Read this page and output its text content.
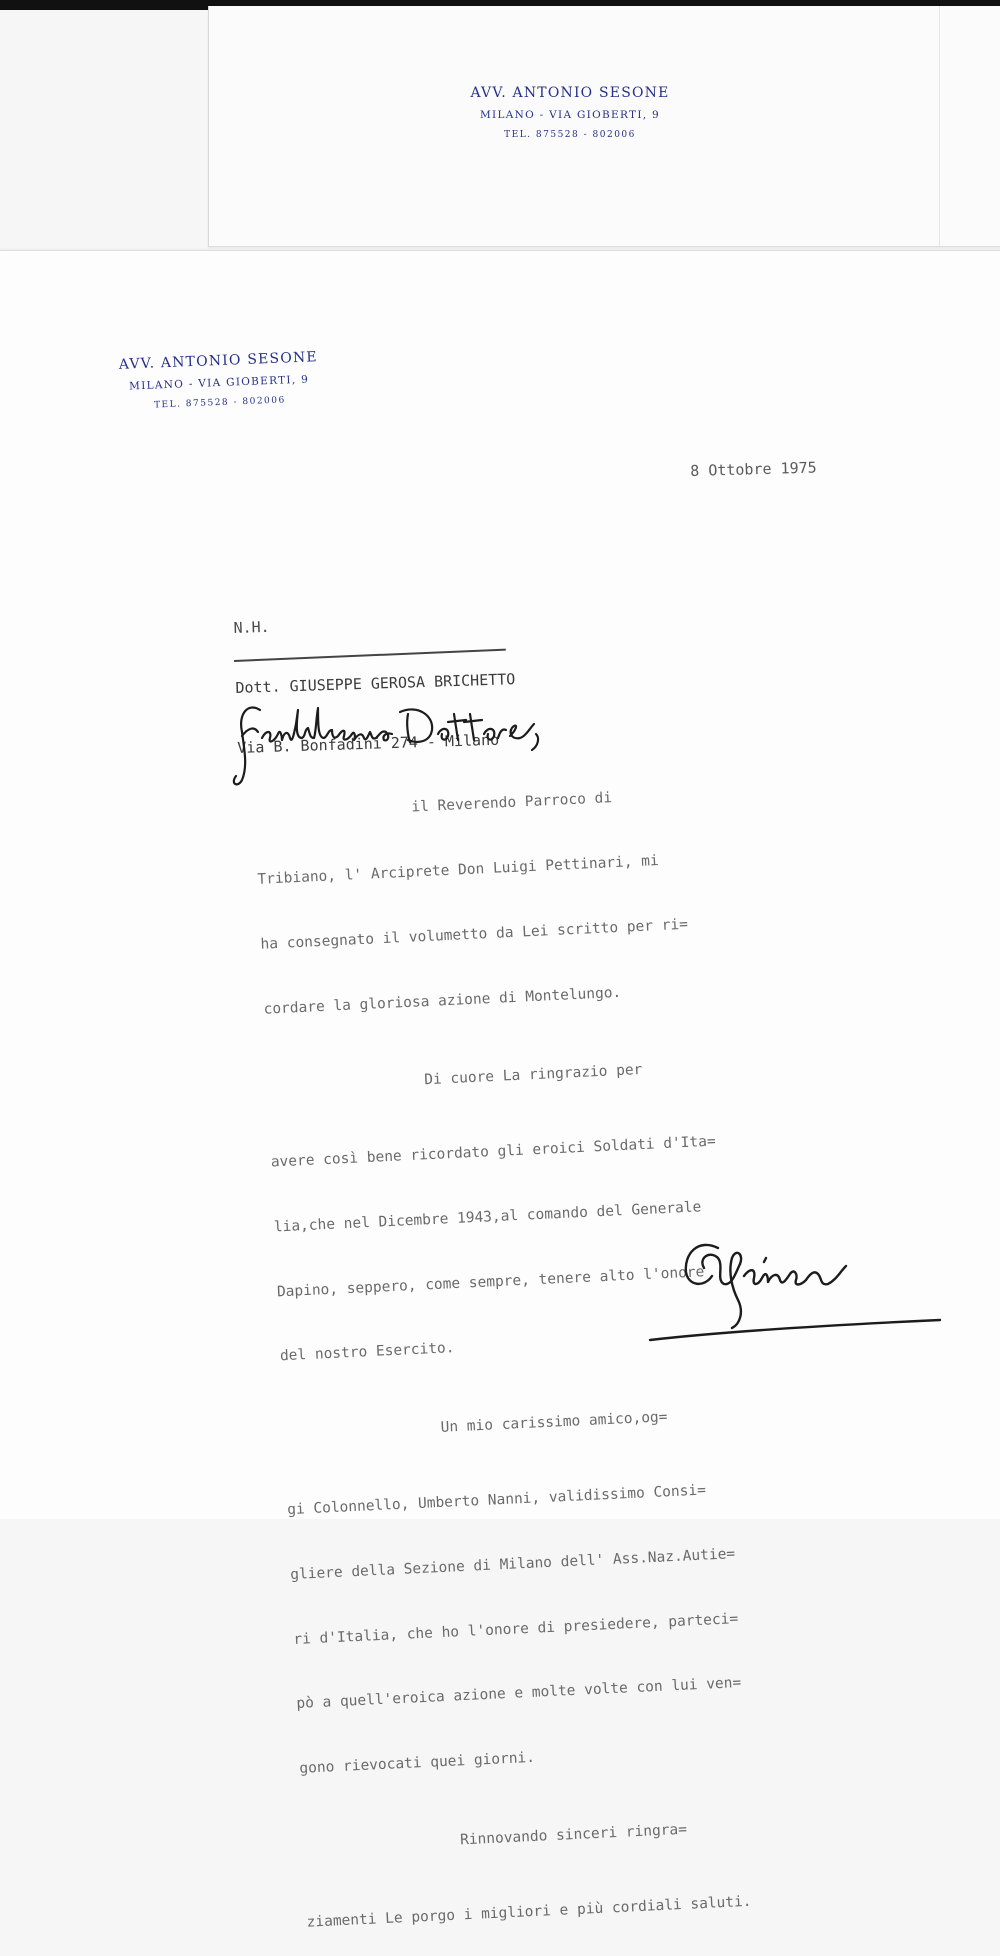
AVV. ANTONIO SESONE
MILANO - VIA GIOBERTI, 9
TEL. 875528 - 802006
AVV. ANTONIO SESONE
MILANO - VIA GIOBERTI, 9
TEL. 875528 - 802006
8 Ottobre 1975

N.H.

Dott. GIUSEPPE GEROSA BRICHETTO

Via B. Bonfadini 274 - Milano

il Reverendo Parroco di

Tribiano, l' Arciprete Don Luigi Pettinari, mi

ha consegnato il volumetto da Lei scritto per ri=

cordare la gloriosa azione di Montelungo.

Di cuore La ringrazio per

avere così bene ricordato gli eroici Soldati d'Ita=

lia,che nel Dicembre 1943,al comando del Generale

Dapino, seppero, come sempre, tenere alto l'onore

del nostro Esercito.

Un mio carissimo amico,og=

gi Colonnello, Umberto Nanni, validissimo Consi=

gliere della Sezione di Milano dell' Ass.Naz.Autie=

ri d'Italia, che ho l'onore di presiedere, parteci=

pò a quell'eroica azione e molte volte con lui ven=

gono rievocati quei giorni.

Rinnovando sinceri ringra=

ziamenti Le porgo i migliori e più cordiali saluti.
